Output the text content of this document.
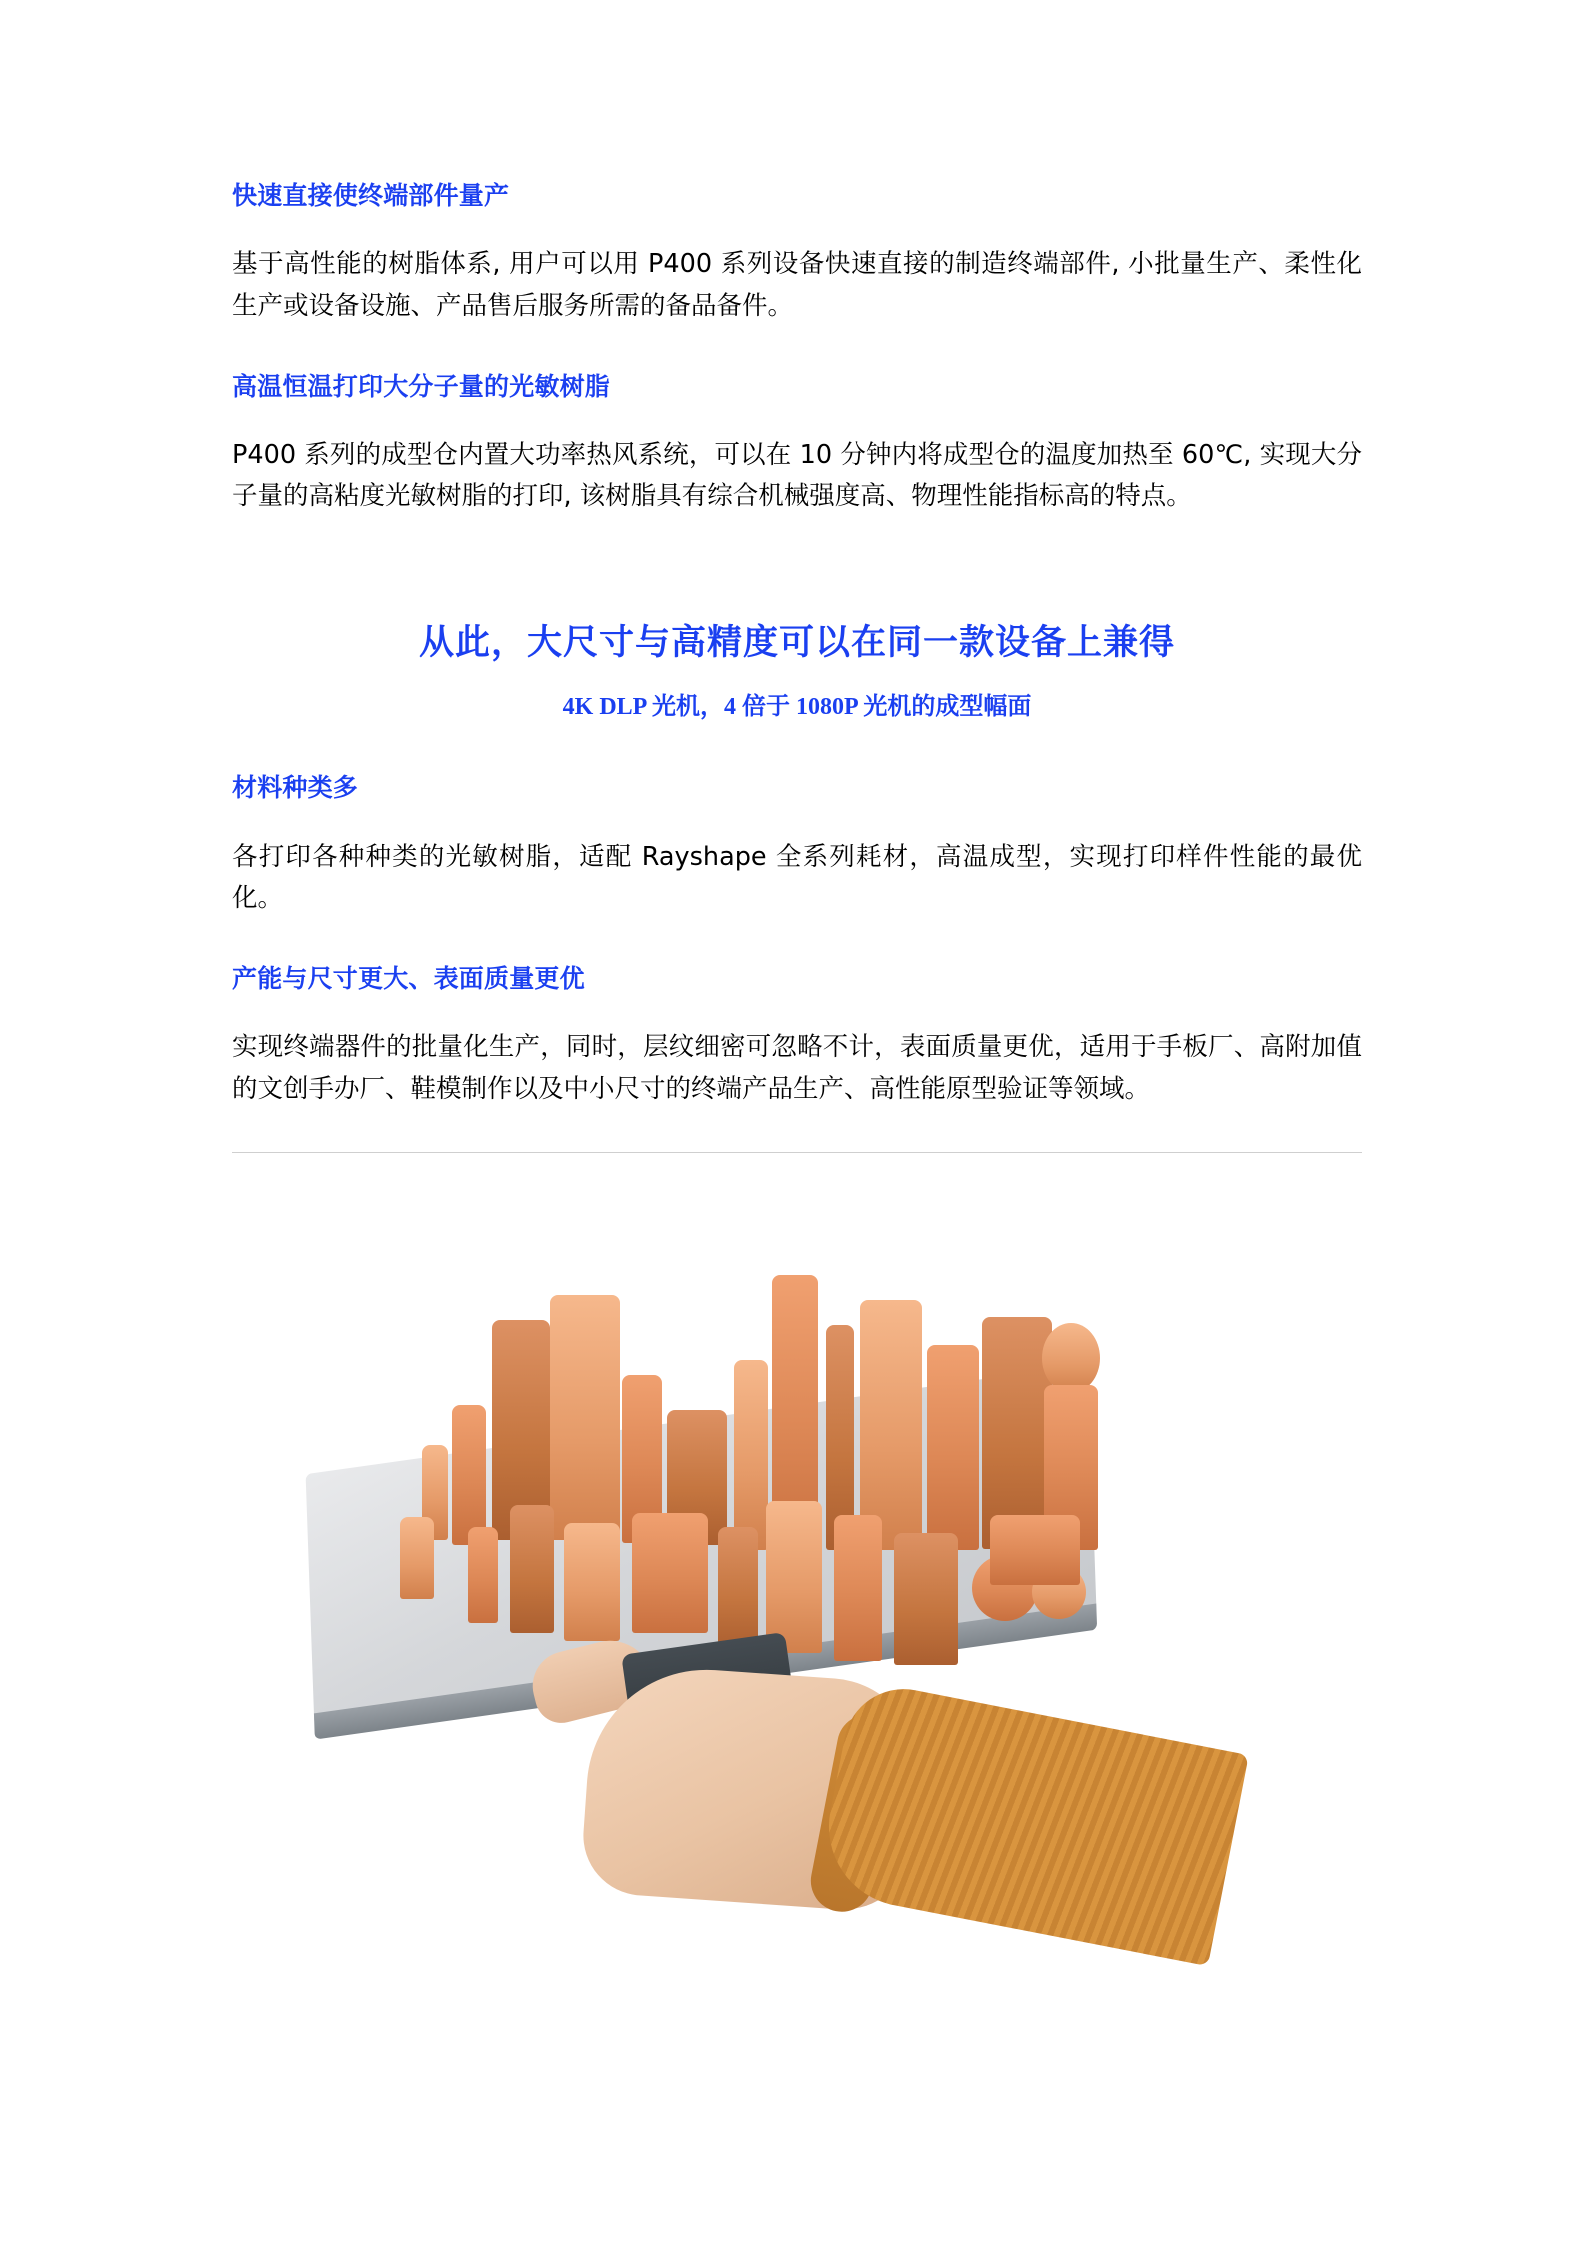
快速直接使终端部件量产

基于高性能的树脂体系, 用户可以用 P400 系列设备快速直接的制造终端部件, 小批量生产、柔性化生产或设备设施、产品售后服务所需的备品备件。

高温恒温打印大分子量的光敏树脂

P400 系列的成型仓内置大功率热风系统，可以在 10 分钟内将成型仓的温度加热至 60℃, 实现大分子量的高粘度光敏树脂的打印, 该树脂具有综合机械强度高、物理性能指标高的特点。

从此，大尺寸与高精度可以在同一款设备上兼得
4K DLP 光机，4 倍于 1080P 光机的成型幅面
材料种类多

各打印各种种类的光敏树脂，适配 Rayshape 全系列耗材，高温成型，实现打印样件性能的最优化。

产能与尺寸更大、表面质量更优

实现终端器件的批量化生产，同时，层纹细密可忽略不计，表面质量更优，适用于手板厂、高附加值的文创手办厂、鞋模制作以及中小尺寸的终端产品生产、高性能原型验证等领域。
